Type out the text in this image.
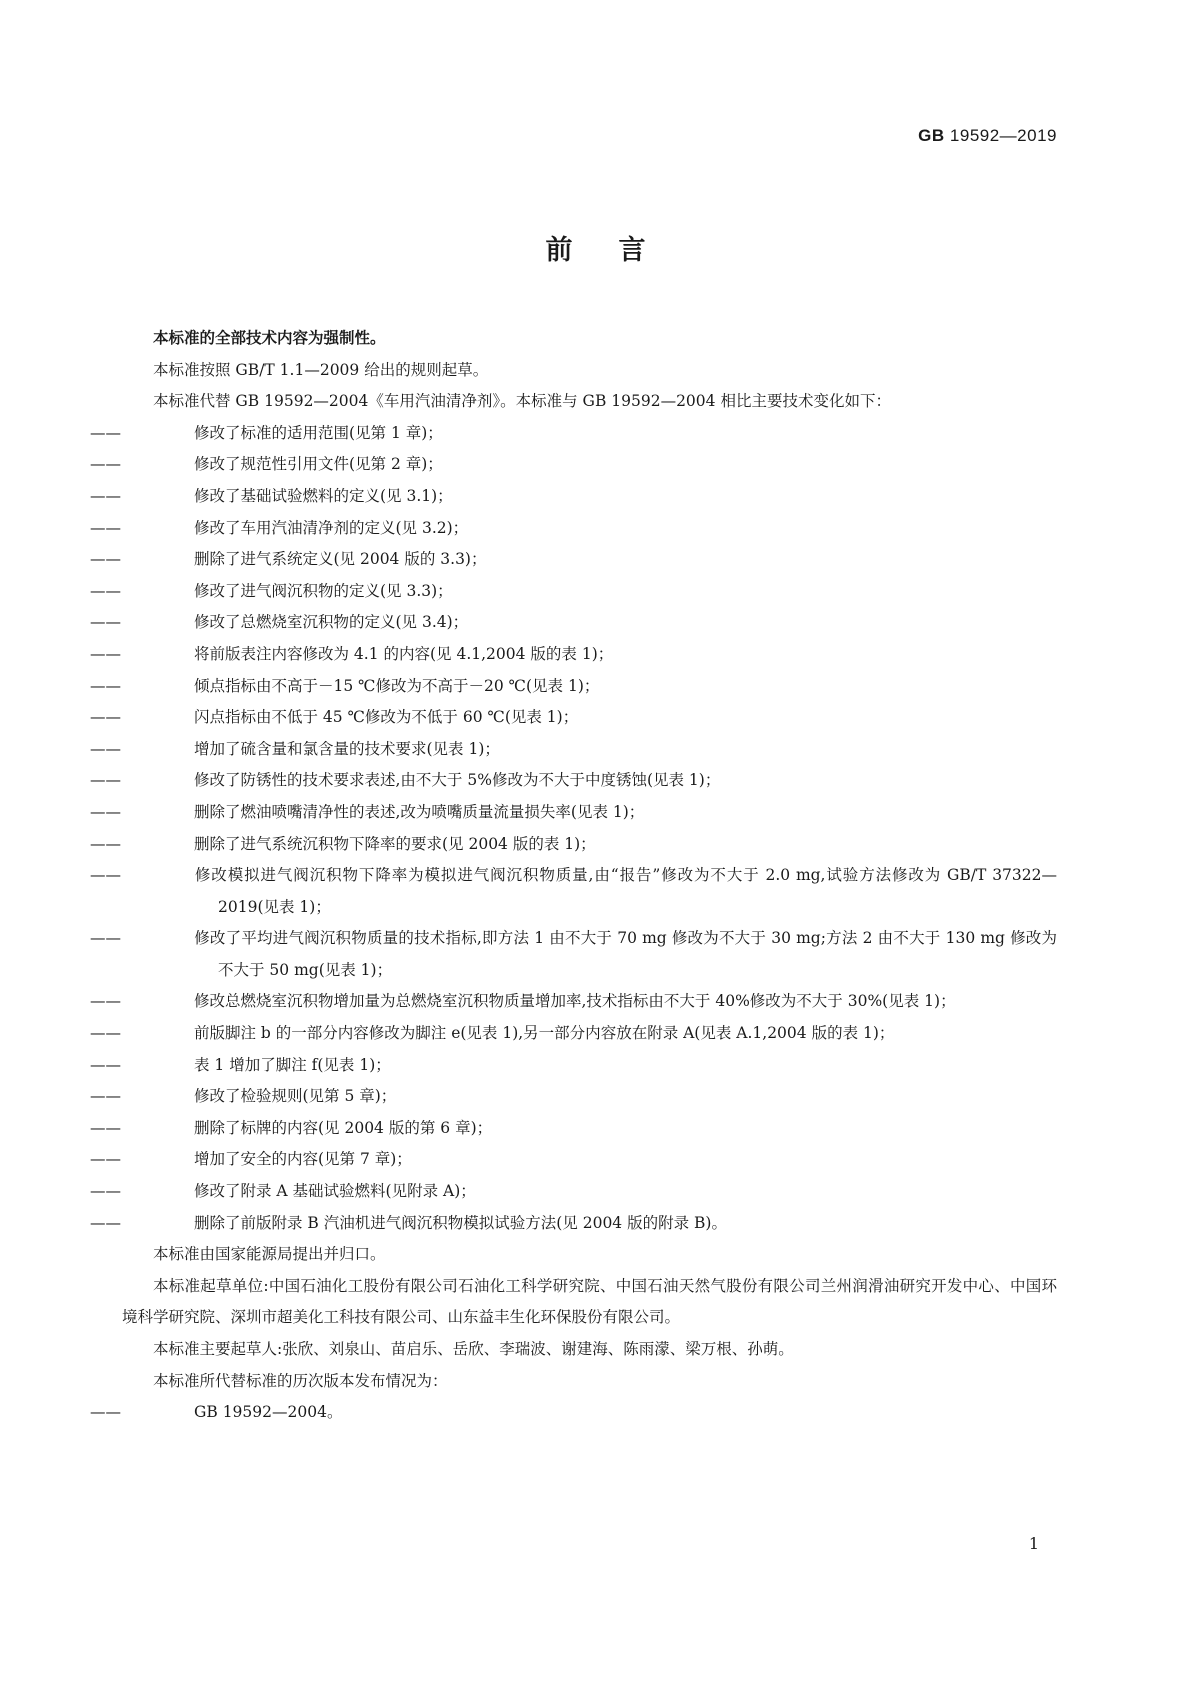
GB 19592—2019
前言

本标准的全部技术内容为强制性。

本标准按照 GB/T 1.1—2009 给出的规则起草。

本标准代替 GB 19592—2004《车用汽油清净剂》。本标准与 GB 19592—2004 相比主要技术变化如下：

——	修改了标准的适用范围(见第 1 章)；

——	修改了规范性引用文件(见第 2 章)；

——	修改了基础试验燃料的定义(见 3.1)；

——	修改了车用汽油清净剂的定义(见 3.2)；

——	删除了进气系统定义(见 2004 版的 3.3)；

——	修改了进气阀沉积物的定义(见 3.3)；

——	修改了总燃烧室沉积物的定义(见 3.4)；

——	将前版表注内容修改为 4.1 的内容(见 4.1,2004 版的表 1)；

——	倾点指标由不高于－15 ℃修改为不高于－20 ℃(见表 1)；

——	闪点指标由不低于 45 ℃修改为不低于 60 ℃(见表 1)；

——	增加了硫含量和氯含量的技术要求(见表 1)；

——	修改了防锈性的技术要求表述,由不大于 5%修改为不大于中度锈蚀(见表 1)；

——	删除了燃油喷嘴清净性的表述,改为喷嘴质量流量损失率(见表 1)；

——	删除了进气系统沉积物下降率的要求(见 2004 版的表 1)；

——	修改模拟进气阀沉积物下降率为模拟进气阀沉积物质量,由“报告”修改为不大于 2.0 mg,试验方法修改为 GB/T 37322—2019(见表 1)；

——	修改了平均进气阀沉积物质量的技术指标,即方法 1 由不大于 70 mg 修改为不大于 30 mg;方法 2 由不大于 130 mg 修改为不大于 50 mg(见表 1)；

——	修改总燃烧室沉积物增加量为总燃烧室沉积物质量增加率,技术指标由不大于 40%修改为不大于 30%(见表 1)；

——	前版脚注 b 的一部分内容修改为脚注 e(见表 1),另一部分内容放在附录 A(见表 A.1,2004 版的表 1)；

——	表 1 增加了脚注 f(见表 1)；

——	修改了检验规则(见第 5 章)；

——	删除了标牌的内容(见 2004 版的第 6 章)；

——	增加了安全的内容(见第 7 章)；

——	修改了附录 A 基础试验燃料(见附录 A)；

——	删除了前版附录 B 汽油机进气阀沉积物模拟试验方法(见 2004 版的附录 B)。

本标准由国家能源局提出并归口。

本标准起草单位:中国石油化工股份有限公司石油化工科学研究院、中国石油天然气股份有限公司兰州润滑油研究开发中心、中国环境科学研究院、深圳市超美化工科技有限公司、山东益丰生化环保股份有限公司。

本标准主要起草人:张欣、刘泉山、苗启乐、岳欣、李瑞波、谢建海、陈雨濛、梁万根、孙萌。

本标准所代替标准的历次版本发布情况为：

——	GB 19592—2004。

1
